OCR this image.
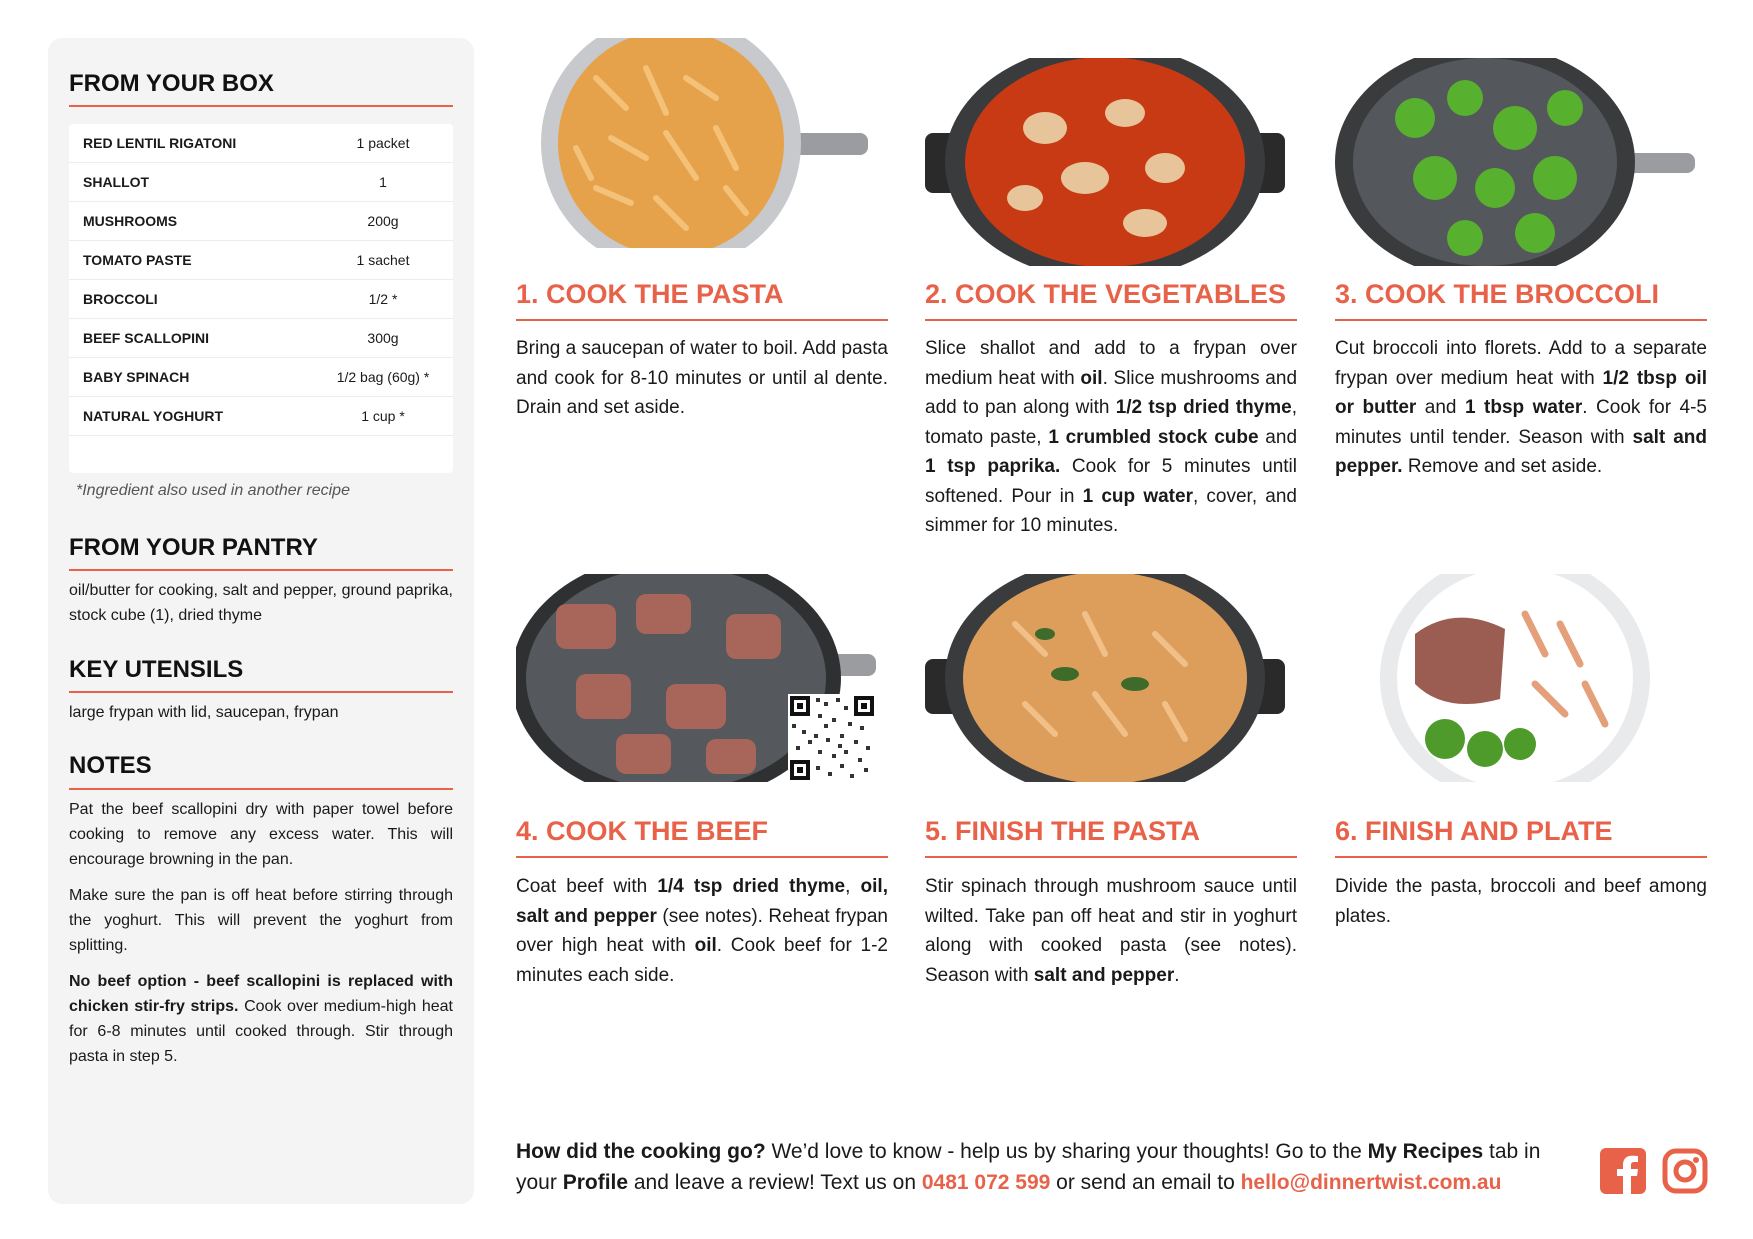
FROM YOUR BOX
RED LENTIL RIGATONI	1 packet
SHALLOT	1
MUSHROOMS	200g
TOMATO PASTE	1 sachet
BROCCOLI	1/2 *
BEEF SCALLOPINI	300g
BABY SPINACH	1/2 bag (60g) *
NATURAL YOGHURT	1 cup *
*Ingredient also used in another recipe
FROM YOUR PANTRY

oil/butter for cooking, salt and pepper, ground paprika, stock cube (1), dried thyme

KEY UTENSILS

large frypan with lid, saucepan, frypan

NOTES

Pat the beef scallopini dry with paper towel before cooking to remove any excess water. This will encourage browning in the pan.

Make sure the pan is off heat before stirring through the yoghurt. This will prevent the yoghurt from splitting.

No beef option - beef scallopini is replaced with chicken stir-fry strips. Cook over medium-high heat for 6-8 minutes until cooked through. Stir through pasta in step 5.

1. COOK THE PASTA	2. COOK THE VEGETABLES 3. COOK THE BROCCOLI
4. COOK THE BEEF	5. FINISH THE PASTA	6. FINISH AND PLATE

Bring a saucepan of water to boil. Add pasta and cook for 8-10 minutes or until al dente. Drain and set aside.

Slice shallot and add to a frypan over medium heat with oil. Slice mushrooms and add to pan along with 1/2 tsp dried thyme, tomato paste, 1 crumbled stock cube and 1 tsp paprika. Cook for 5 minutes until softened. Pour in 1 cup water, cover, and simmer for 10 minutes.

Cut broccoli into florets. Add to a separate frypan over medium heat with 1/2 tbsp oil or butter and 1 tbsp water. Cook for 4-5 minutes until tender. Season with salt and pepper. Remove and set aside.

Coat beef with 1/4 tsp dried thyme, oil, salt and pepper (see notes). Reheat frypan over high heat with oil. Cook beef for 1-2 minutes each side.

Stir spinach through mushroom sauce until wilted. Take pan off heat and stir in yoghurt along with cooked pasta (see notes). Season with salt and pepper.

Divide the pasta, broccoli and beef among plates.

How did the cooking go? We’d love to know - help us by sharing your thoughts! Go to the My Recipes tab in your Profile and leave a review! Text us on 0481 072 599 or send an email to hello@dinnertwist.com.au
